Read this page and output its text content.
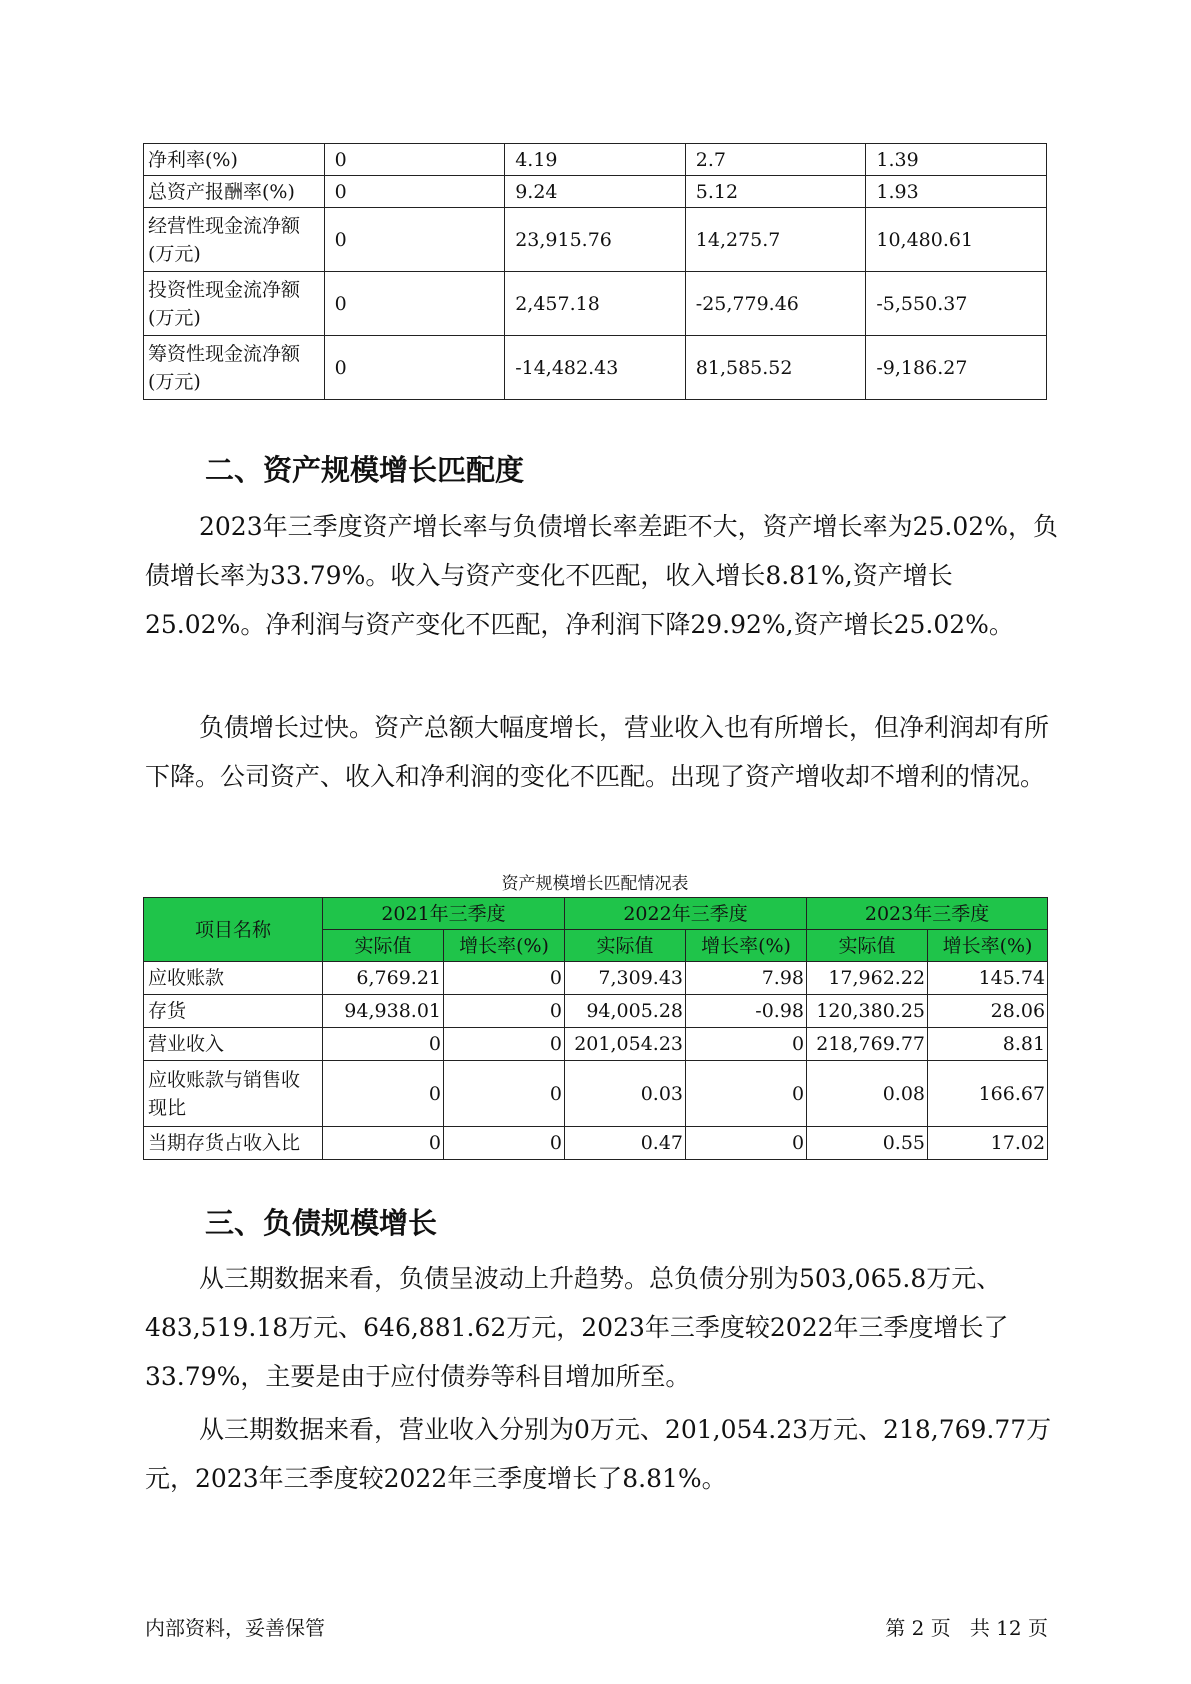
净利率(%)	0	4.19	2.7	1.39
总资产报酬率(%)	0	9.24	5.12	1.93
经营性现金流净额(万元)	0	23,915.76	14,275.7	10,480.61
投资性现金流净额(万元)	0	2,457.18	-25,779.46	-5,550.37
筹资性现金流净额(万元)	0	-14,482.43	81,585.52	-9,186.27
二、资产规模增长匹配度

2023年三季度资产增长率与负债增长率差距不大，资产增长率为25.02%，负债增长率为33.79%。收入与资产变化不匹配，收入增长8.81%,资产增长25.02%。净利润与资产变化不匹配，净利润下降29.92%,资产增长25.02%。

负债增长过快。资产总额大幅度增长，营业收入也有所增长，但净利润却有所下降。公司资产、收入和净利润的变化不匹配。出现了资产增收却不增利的情况。

资产规模增长匹配情况表
项目名称	2021年三季度		2022年三季度		2023年三季度	
	实际值	增长率(%)	实际值	增长率(%)	实际值	增长率(%)
应收账款	6,769.21	0	7,309.43	7.98	17,962.22	145.74
存货	94,938.01	0	94,005.28	-0.98	120,380.25	28.06
营业收入	0	0	201,054.23	0	218,769.77	8.81
应收账款与销售收现比	0	0	0.03	0	0.08	166.67
当期存货占收入比	0	0	0.47	0	0.55	17.02
三、负债规模增长

从三期数据来看，负债呈波动上升趋势。总负债分别为503,065.8万元、483,519.18万元、646,881.62万元，2023年三季度较2022年三季度增长了33.79%，主要是由于应付债券等科目增加所至。

从三期数据来看，营业收入分别为0万元、201,054.23万元、218,769.77万元，2023年三季度较2022年三季度增长了8.81%。

内部资料，妥善保管	第 2 页   共 12 页
